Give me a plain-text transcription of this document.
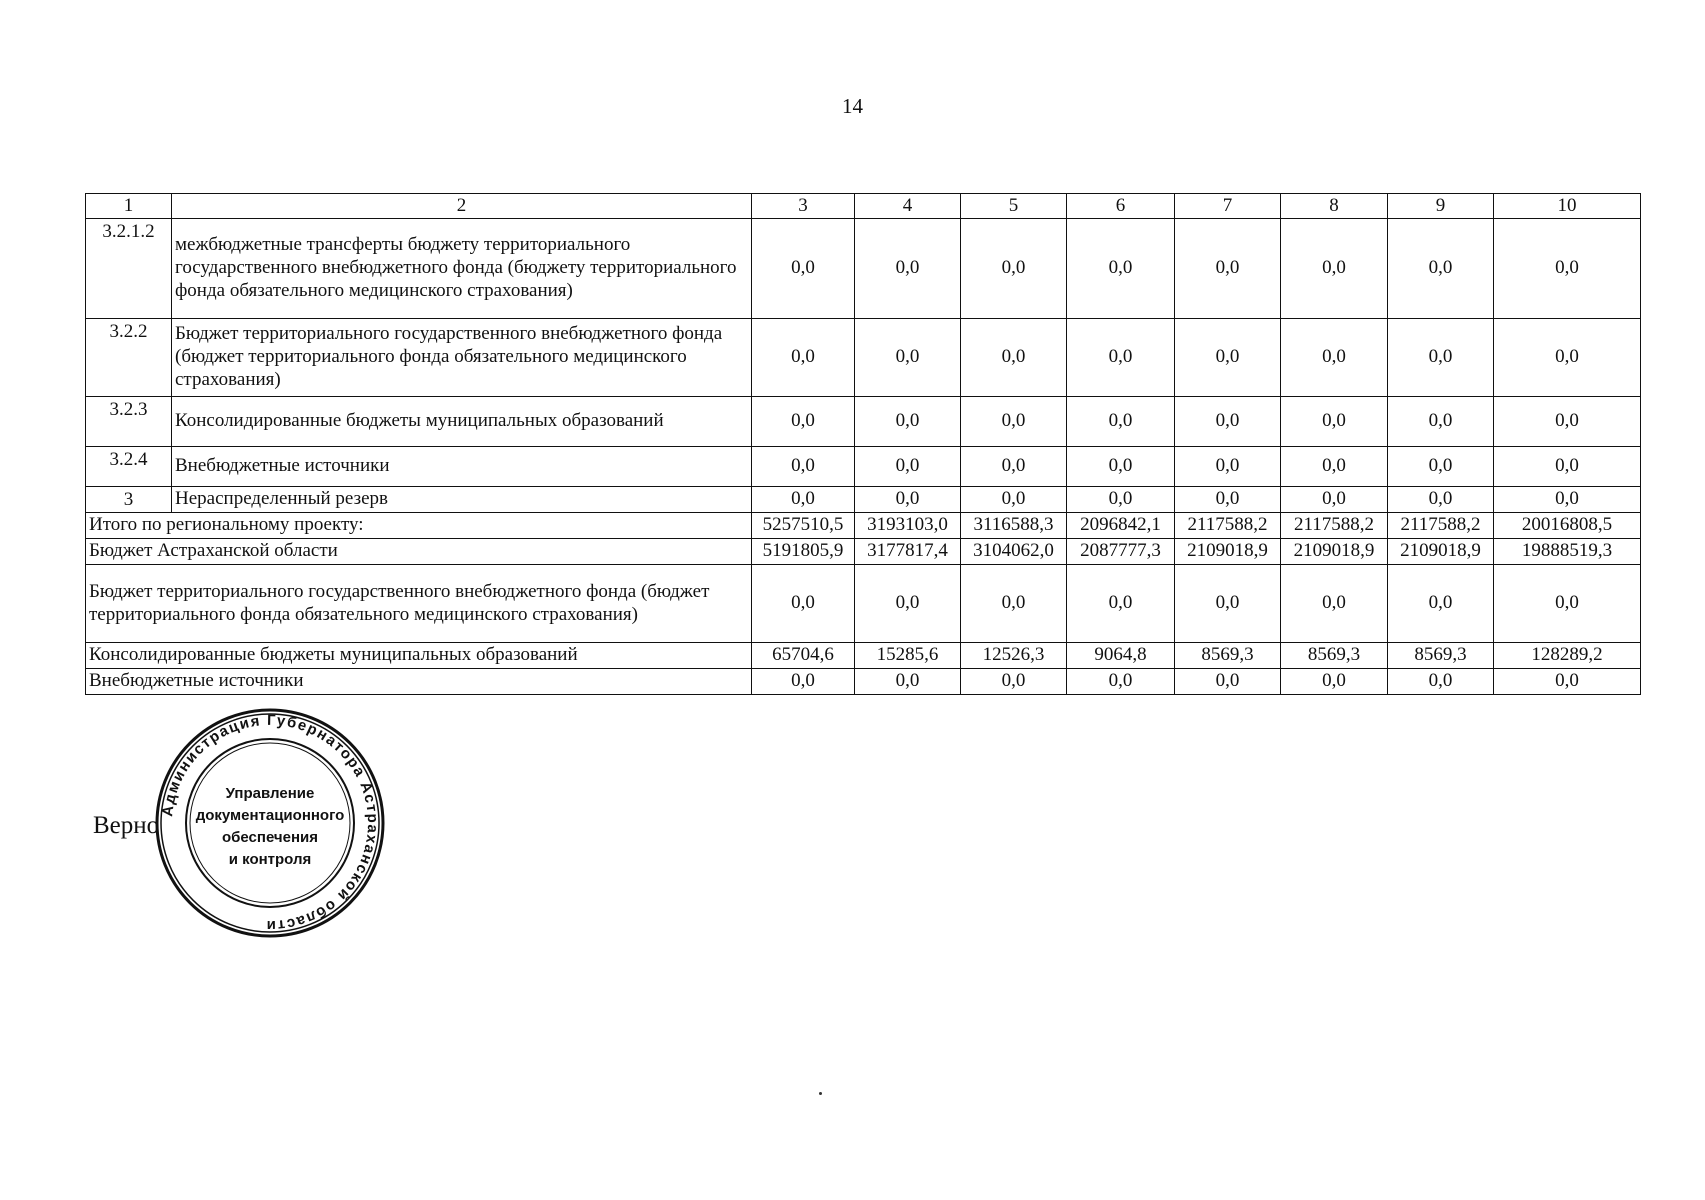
14
1	2	3	4	5	6	7	8	9	10
3.2.1.2	межбюджетные трансферты бюджету территориального государственного внебюджетного фонда (бюджету территориального фонда обязательного медицинского страхования)	0,0	0,0	0,0	0,0	0,0	0,0	0,0	0,0
3.2.2	Бюджет территориального государственного внебюджетного фонда (бюджет территориального фонда обязательного медицинского страхования)	0,0	0,0	0,0	0,0	0,0	0,0	0,0	0,0
3.2.3	Консолидированные бюджеты муниципальных образований	0,0	0,0	0,0	0,0	0,0	0,0	0,0	0,0
3.2.4	Внебюджетные источники	0,0	0,0	0,0	0,0	0,0	0,0	0,0	0,0
3	Нераспределенный резерв	0,0	0,0	0,0	0,0	0,0	0,0	0,0	0,0
Итого по региональному проекту:		5257510,5	3193103,0	3116588,3	2096842,1	2117588,2	2117588,2	2117588,2	20016808,5
Бюджет Астраханской области		5191805,9	3177817,4	3104062,0	2087777,3	2109018,9	2109018,9	2109018,9	19888519,3
Бюджет территориального государственного внебюджетного фонда (бюджет территориального фонда обязательного медицинского страхования)		0,0	0,0	0,0	0,0	0,0	0,0	0,0	0,0
Консолидированные бюджеты муниципальных образований		65704,6	15285,6	12526,3	9064,8	8569,3	8569,3	8569,3	128289,2
Внебюджетные источники		0,0	0,0	0,0	0,0	0,0	0,0	0,0	0,0
Верно
Администрация Губернатора Астраханской области
Управление
документационного
обеспечения
и контроля
